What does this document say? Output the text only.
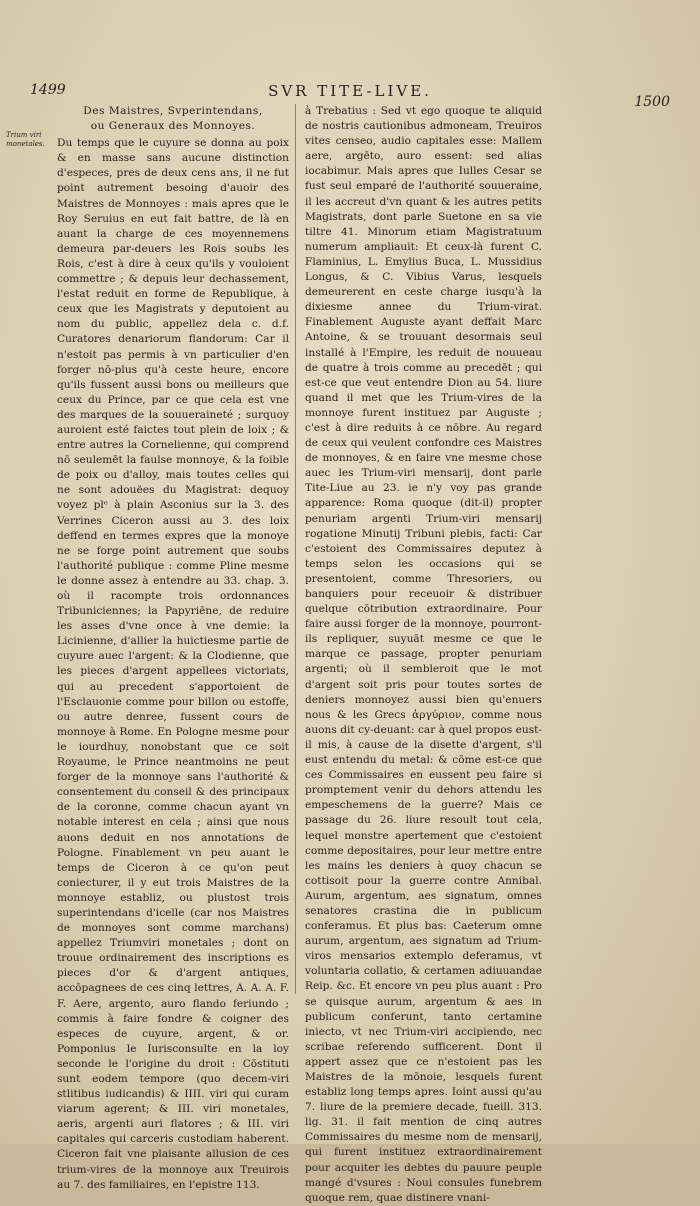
1499	SVR TITE-LIVE.
1500
Trium viri monetales.
Des Maistres, Svperintendans,
ou Generaux des Monnoyes.

Du temps que le cuyure se donna au poix & en masse sans aucune distinction d'especes, pres de deux cens ans, il ne fut point autrement besoing d'auoir des Maistres de Monnoyes : mais apres que le Roy Seruius en eut fait battre, de là en auant la charge de ces moyennemens demeura par-deuers les Rois soubs les Rois, c'est à dire à ceux qu'ils y vouloient commettre ; & depuis leur dechassement, l'estat reduit en forme de Republique, à ceux que les Magistrats y deputoient au nom du public, appellez dela c. d.f. Curatores denariorum flandorum: Car il n'estoit pas permis à vn particulier d'en forger nō-plus qu'à ceste heure, encore qu'ils fussent aussi bons ou meilleurs que ceux du Prince, par ce que cela est vne des marques de la souueraineté ; surquoy auroient esté faictes tout plein de loix ; & entre autres la Cornelienne, qui comprend nō seulemēt la faulse monnoye, & la foible de poix ou d'alloy, mais toutes celles qui ne sont adouëes du Magistrat: dequoy voyez plᵉ à plain Asconius sur la 3. des Verrines Ciceron aussi au 3. des loix deffend en termes expres que la monoye ne se forge point autrement que soubs l'authorité publique : comme Pline mesme le donne assez à entendre au 33. chap. 3. où il racompte trois ordonnances Tribuniciennes; la Papyriēne, de reduire les asses d'vne once à vne demie: la Licinienne, d'allier la huictiesme partie de cuyure auec l'argent: & la Clodienne, que les pieces d'argent appellees victoriats, qui au precedent s'apportoient de l'Esclauonie comme pour billon ou estoffe, ou autre denree, fussent cours de monnoye à Rome. En Pologne mesme pour le iourdhuy, nonobstant que ce soit Royaume, le Prince neantmoins ne peut forger de la monnoye sans l'authorité & consentement du conseil & des principaux de la coronne, comme chacun ayant vn notable interest en cela ; ainsi que nous auons deduit en nos annotations de Pologne. Finablement vn peu auant le temps de Ciceron à ce qu'on peut coniecturer, il y eut trois Maistres de la monnoye establiz, ou plustost trois superintendans d'icelle (car nos Maistres de monnoyes sont comme marchans) appellez Triumviri monetales ; dont on trouue ordinairement des inscriptions es pieces d'or & d'argent antiques, accōpagnees de ces cinq lettres, A. A. A. F. F. Aere, argento, auro flando feriundo ; commis à faire fondre & coigner des especes de cuyure, argent, & or. Pomponius le Iurisconsulte en la loy seconde le l'origine du droit : Cōstituti sunt eodem tempore (quo decem-viri stlitibus iudicandis) & IIII. viri qui curam viarum agerent; & III. viri monetales, aeris, argenti auri flatores ; & III. viri capitales qui carceris custodiam haberent. Ciceron fait vne plaisante allusion de ces trium-vires de la monnoye aux Treuirois au 7. des familiaires, en l'epistre 113.

à Trebatius : Sed vt ego quoque te aliquid de nostris cautionibus admoneam, Treuiros vites censeo, audio capitales esse: Mallem aere, argēto, auro essent: sed alias iocabimur. Mais apres que Iulles Cesar se fust seul emparé de l'authorité souueraine, il les accreut d'vn quant & les autres petits Magistrats, dont parle Suetone en sa vie tiltre 41. Minorum etiam Magistratuum numerum ampliauit: Et ceux-là furent C. Flaminius, L. Emylius Buca, L. Mussidius Longus, & C. Vibius Varus, lesquels demeurerent en ceste charge iusqu'à la dixiesme annee du Trium-virat. Finablement Auguste ayant deffait Marc Antoine, & se trouuant desormais seul installé à l'Empire, les reduit de nouueau de quatre à trois comme au precedēt ; qui est-ce que veut entendre Dion au 54. liure quand il met que les Trium-vires de la monnoye furent instituez par Auguste ; c'est à dire reduits à ce nōbre. Au regard de ceux qui veulent confondre ces Maistres de monnoyes, & en faire vne mesme chose auec les Trium-viri mensarij, dont parle Tite-Liue au 23. ie n'y voy pas grande apparence: Roma quoque (dit-il) propter penuriam argenti Trium-viri mensarij rogatione Minutij Tribuni plebis, facti: Car c'estoient des Commissaires deputez à temps selon les occasions qui se presentoient, comme Thresoriers, ou banquiers pour receuoir & distribuer quelque cōtribution extraordinaire. Pour faire aussi forger de la monnoye, pourront-ils repliquer, suyuāt mesme ce que le marque ce passage, propter penuriam argenti; où il sembleroit que le mot d'argent soit pris pour toutes sortes de deniers monnoyez aussi bien qu'enuers nous & les Grecs ἀργύριον, comme nous auons dit cy-deuant: car à quel propos eust-il mis, à cause de la disette d'argent, s'il eust entendu du metal: & cōme est-ce que ces Commissaires en eussent peu faire si promptement venir du dehors attendu les empeschemens de la guerre? Mais ce passage du 26. liure resoult tout cela, lequel monstre apertement que c'estoient comme depositaires, pour leur mettre entre les mains les deniers à quoy chacun se cottisoit pour la guerre contre Annibal. Aurum, argentum, aes signatum, omnes senatores crastina die in publicum conferamus. Et plus bas: Caeterum omne aurum, argentum, aes signatum ad Trium-viros mensarios extemplo deferamus, vt voluntaria collatio, & certamen adiuuandae Reip. &c. Et encore vn peu plus auant : Pro se quisque aurum, argentum & aes in publicum conferunt, tanto certamine iniecto, vt nec Trium-viri accipiendo, nec scribae referendo sufficerent. Dont il appert assez que ce n'estoient pas les Maistres de la mōnoie, lesquels furent establiz long temps apres. Ioint aussi qu'au 7. liure de la premiere decade, fueill. 313. lig. 31. il fait mention de cinq autres Commissaires du mesme nom de mensarij, qui furent instituez extraordinairement pour acquiter les debtes du pauure peuple mangé d'vsures : Noui consules funebrem quoque rem, quae distinere vnani-
